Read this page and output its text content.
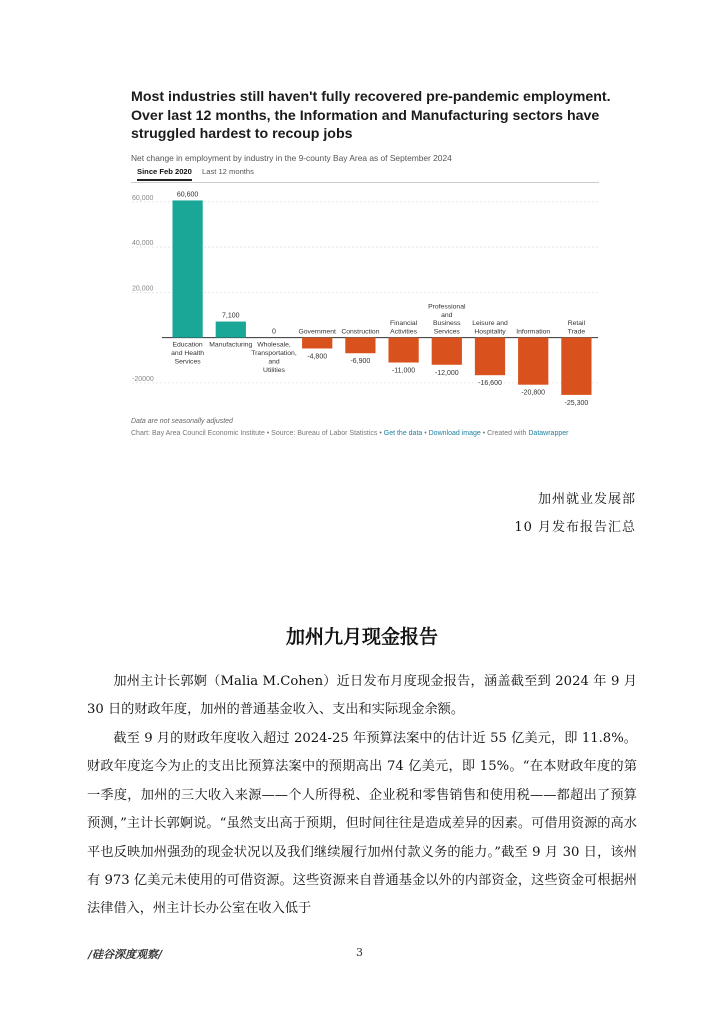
Most industries still haven't fully recovered pre-pandemic employment. Over last 12 months, the Information and Manufacturing sectors have struggled hardest to recoup jobs

Net change in employment by industry in the 9-county Bay Area as of September 2024
Since Feb 2020 Last 12 months
60,000
-20000
40,000
20,000
60,600
Education
and Health
Services
7,100
Manufacturing
0
Wholesale,
Transportation,
and
Utilities
-4,800
Government
-6,900
Construction
-11,000
Financial
Activities
-12,000
Professional
and
Business
Services
-16,600
Leisure and
Hospitality
-20,800
Information
-25,300
Retail
Trade
Data are not seasonally adjusted
Chart: Bay Area Council Economic Institute • Source: Bureau of Labor Statistics • Get the data • Download image • Created with Datawrapper
加州就业发展部
10 月发布报告汇总
加州九月现金报告

加州主计长郭婀（Malia M.Cohen）近日发布月度现金报告，涵盖截至到 2024 年 9 月 30 日的财政年度，加州的普通基金收入、支出和实际现金余额。

截至 9 月的财政年度收入超过 2024-25 年预算法案中的估计近 55 亿美元，即 11.8%。财政年度迄今为止的支出比预算法案中的预期高出 74 亿美元，即 15%。“在本财政年度的第一季度，加州的三大收入来源——个人所得税、企业税和零售销售和使用税——都超出了预算预测，”主计长郭婀说。“虽然支出高于预期，但时间往往是造成差异的因素。可借用资源的高水平也反映加州强劲的现金状况以及我们继续履行加州付款义务的能力。”截至 9 月 30 日，该州有 973 亿美元未使用的可借资源。这些资源来自普通基金以外的内部资金，这些资金可根据州法律借入，州主计长办公室在收入低于

/硅谷深度观察/	3
